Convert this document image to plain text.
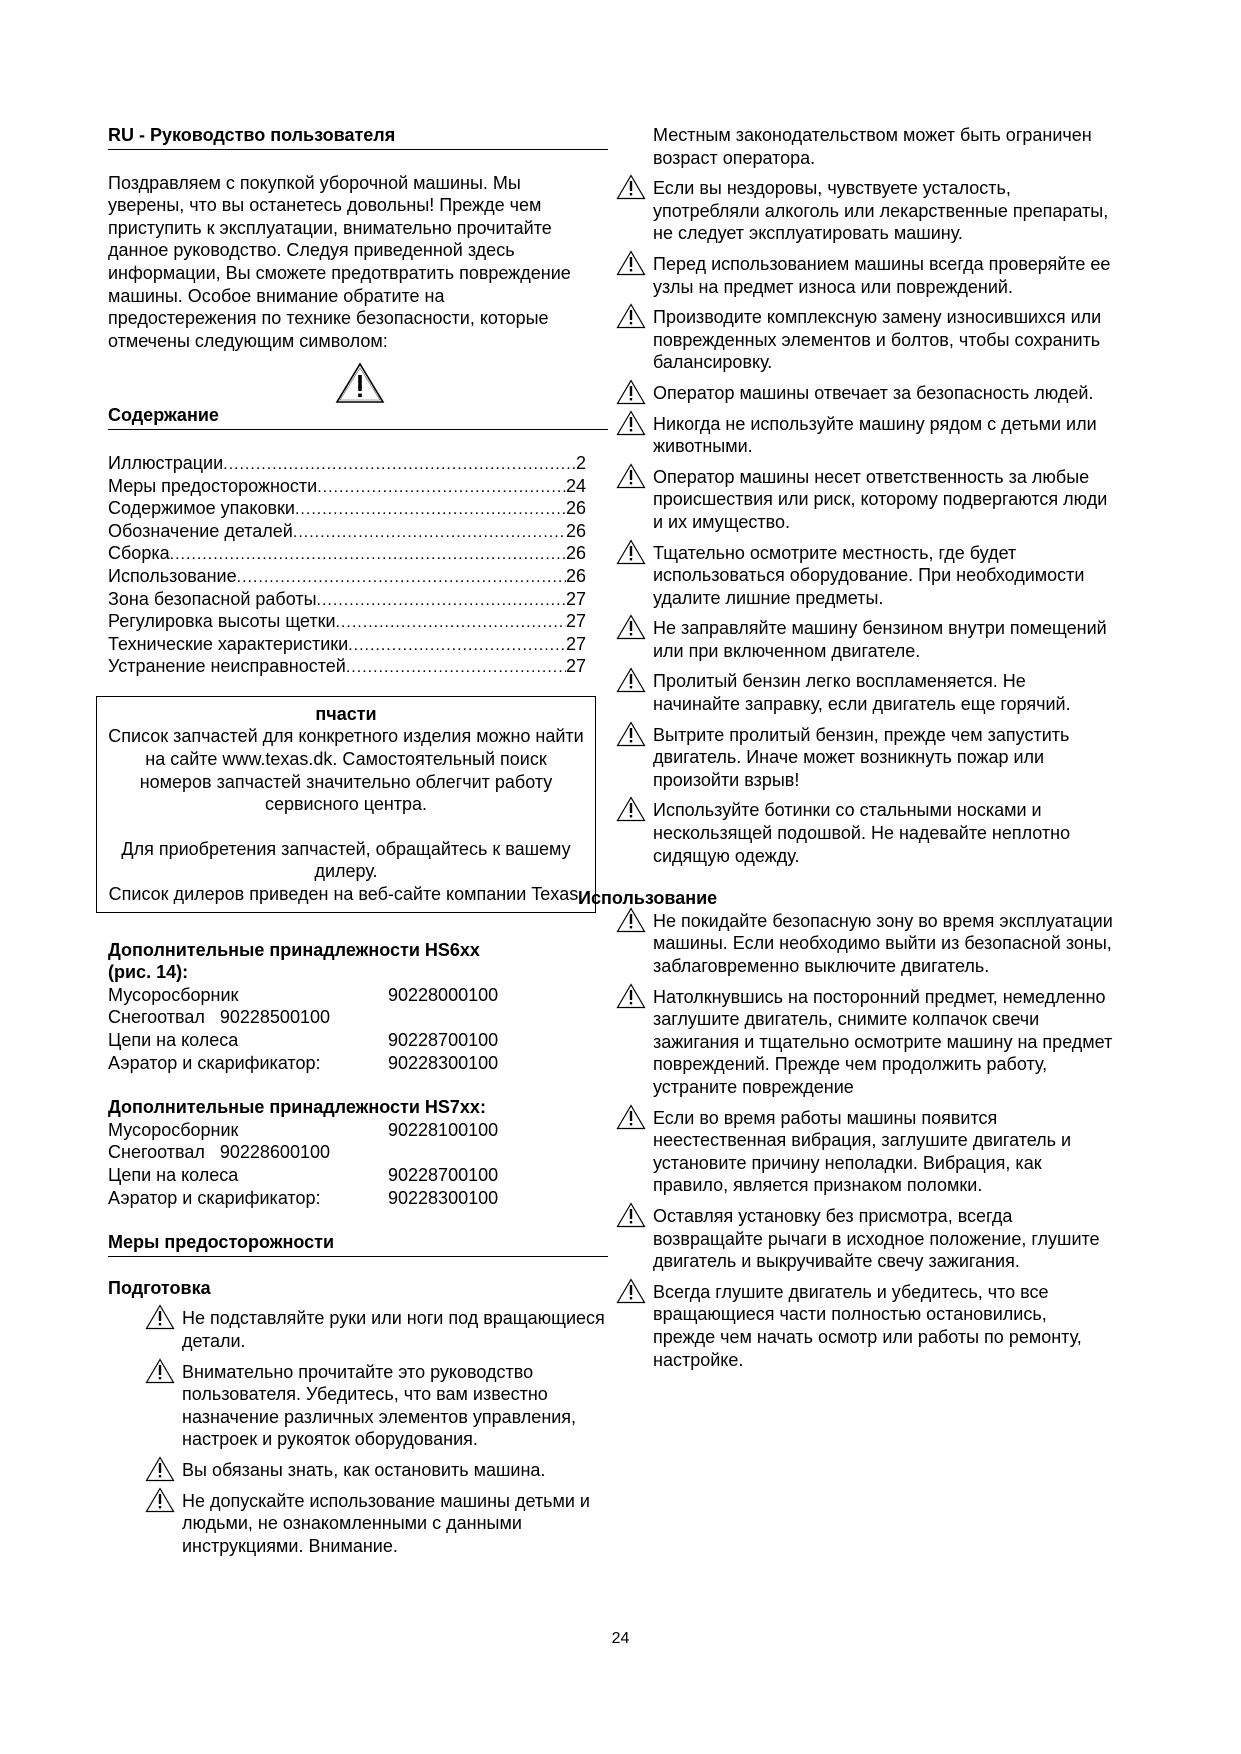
RU - Руководство пользователя

Поздравляем с покупкой уборочной машины. Мы уверены, что вы останетесь довольны! Прежде чем приступить к эксплуатации, внимательно прочитайте данное руководство. Следуя приведенной здесь информации, Вы сможете предотвратить повреждение машины. Особое внимание обратите на предостережения по технике безопасности, которые отмечены следующим символом:

Содержание
Иллюстрации .....	2
Меры предосторожности .....	24
Содержимое упаковки .....	26
Обозначение деталей .....	26
Сборка .....	26
Использование .....	26
Зона безопасной работы .....	27
Регулировка высоты щетки .....	27
Технические характеристики .....	27
Устранение неисправностей .....	27
пчасти
Список запчастей для конкретного изделия можно найти на сайте www.texas.dk. Самостоятельный поиск номеров запчастей значительно облегчит работу сервисного центра.
Для приобретения запчастей, обращайтесь к вашему дилеру.
Список дилеров приведен на веб-сайте компании Texas.
Дополнительные принадлежности HS6xx
(рис. 14):
Мусоросборник	90228000100
Снегоотвал   90228500100
Цепи на колеса	90228700100
Аэратор и скарификатор:	90228300100
Дополнительные принадлежности HS7xx:
Мусоросборник	90228100100
Снегоотвал   90228600100
Цепи на колеса	90228700100
Аэратор и скарификатор:	90228300100
Меры предосторожности
Подготовка

Не подставляйте руки или ноги под вращающиеся детали.

Внимательно прочитайте это руководство пользователя. Убедитесь, что вам известно назначение различных элементов управления, настроек и рукояток оборудования.

Вы обязаны знать, как остановить машина.

Не допускайте использование машины детьми и людьми, не ознакомленными с данными инструкциями. Внимание.

Местным законодательством может быть ограничен возраст оператора.

Если вы нездоровы, чувствуете усталость, употребляли алкоголь или лекарственные препараты, не следует эксплуатировать машину.

Перед использованием машины всегда проверяйте ее узлы на предмет износа или повреждений.

Производите комплексную замену износившихся или поврежденных элементов и болтов, чтобы сохранить балансировку.

Оператор машины отвечает за безопасность людей.

Никогда не используйте машину рядом с детьми или животными.

Оператор машины несет ответственность за любые происшествия или риск, которому подвергаются люди и их имущество.

Тщательно осмотрите местность, где будет использоваться оборудование. При необходимости удалите лишние предметы.

Не заправляйте машину бензином внутри помещений или при включенном двигателе.

Пролитый бензин легко воспламеняется. Не начинайте заправку, если двигатель еще горячий.

Вытрите пролитый бензин, прежде чем запустить двигатель. Иначе может возникнуть пожар или произойти взрыв!

Используйте ботинки со стальными носками и нескользящей подошвой. Не надевайте неплотно сидящую одежду.

Использование

Не покидайте безопасную зону во время эксплуатации машины. Если необходимо выйти из безопасной зоны, заблаговременно выключите двигатель.

Натолкнувшись на посторонний предмет, немедленно заглушите двигатель, снимите колпачок свечи зажигания и тщательно осмотрите машину на предмет повреждений. Прежде чем продолжить работу, устраните повреждение

Если во время работы машины появится неестественная вибрация, заглушите двигатель и установите причину неполадки. Вибрация, как правило, является признаком поломки.

Оставляя установку без присмотра, всегда возвращайте рычаги в исходное положение, глушите двигатель и выкручивайте свечу зажигания.

Всегда глушите двигатель и убедитесь, что все вращающиеся части полностью остановились, прежде чем начать осмотр или работы по ремонту, настройке.

24
